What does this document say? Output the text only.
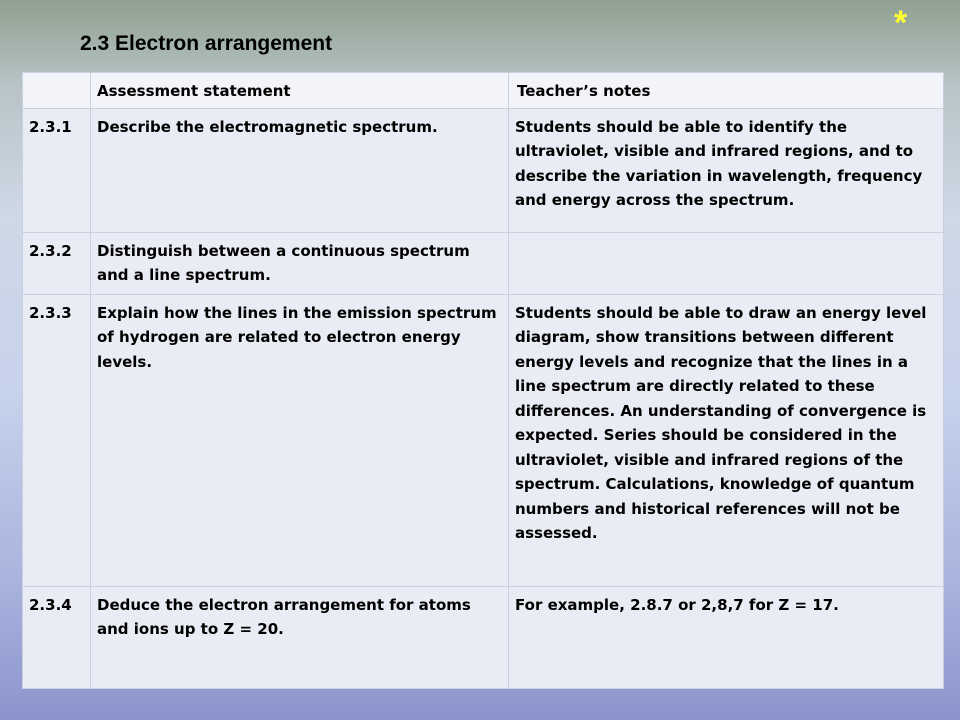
*
2.3 Electron arrangement
	Assessment statement	Teacher’s notes
2.3.1	Describe the electromagnetic spectrum.	Students should be able to identify the ultraviolet, visible and infrared regions, and to describe the variation in wavelength, frequency and energy across the spectrum.
2.3.2	Distinguish between a continuous spectrum and a line spectrum.	
2.3.3	Explain how the lines in the emission spectrum of hydrogen are related to electron energy levels.	Students should be able to draw an energy level diagram, show transitions between different energy levels and recognize that the lines in a line spectrum are directly related to these differences. An understanding of convergence is expected. Series should be considered in the ultraviolet, visible and infrared regions of the spectrum. Calculations, knowledge of quantum numbers and historical references will not be assessed.
2.3.4	Deduce the electron arrangement for atoms and ions up to Z = 20.	For example, 2.8.7 or 2,8,7 for Z = 17.
